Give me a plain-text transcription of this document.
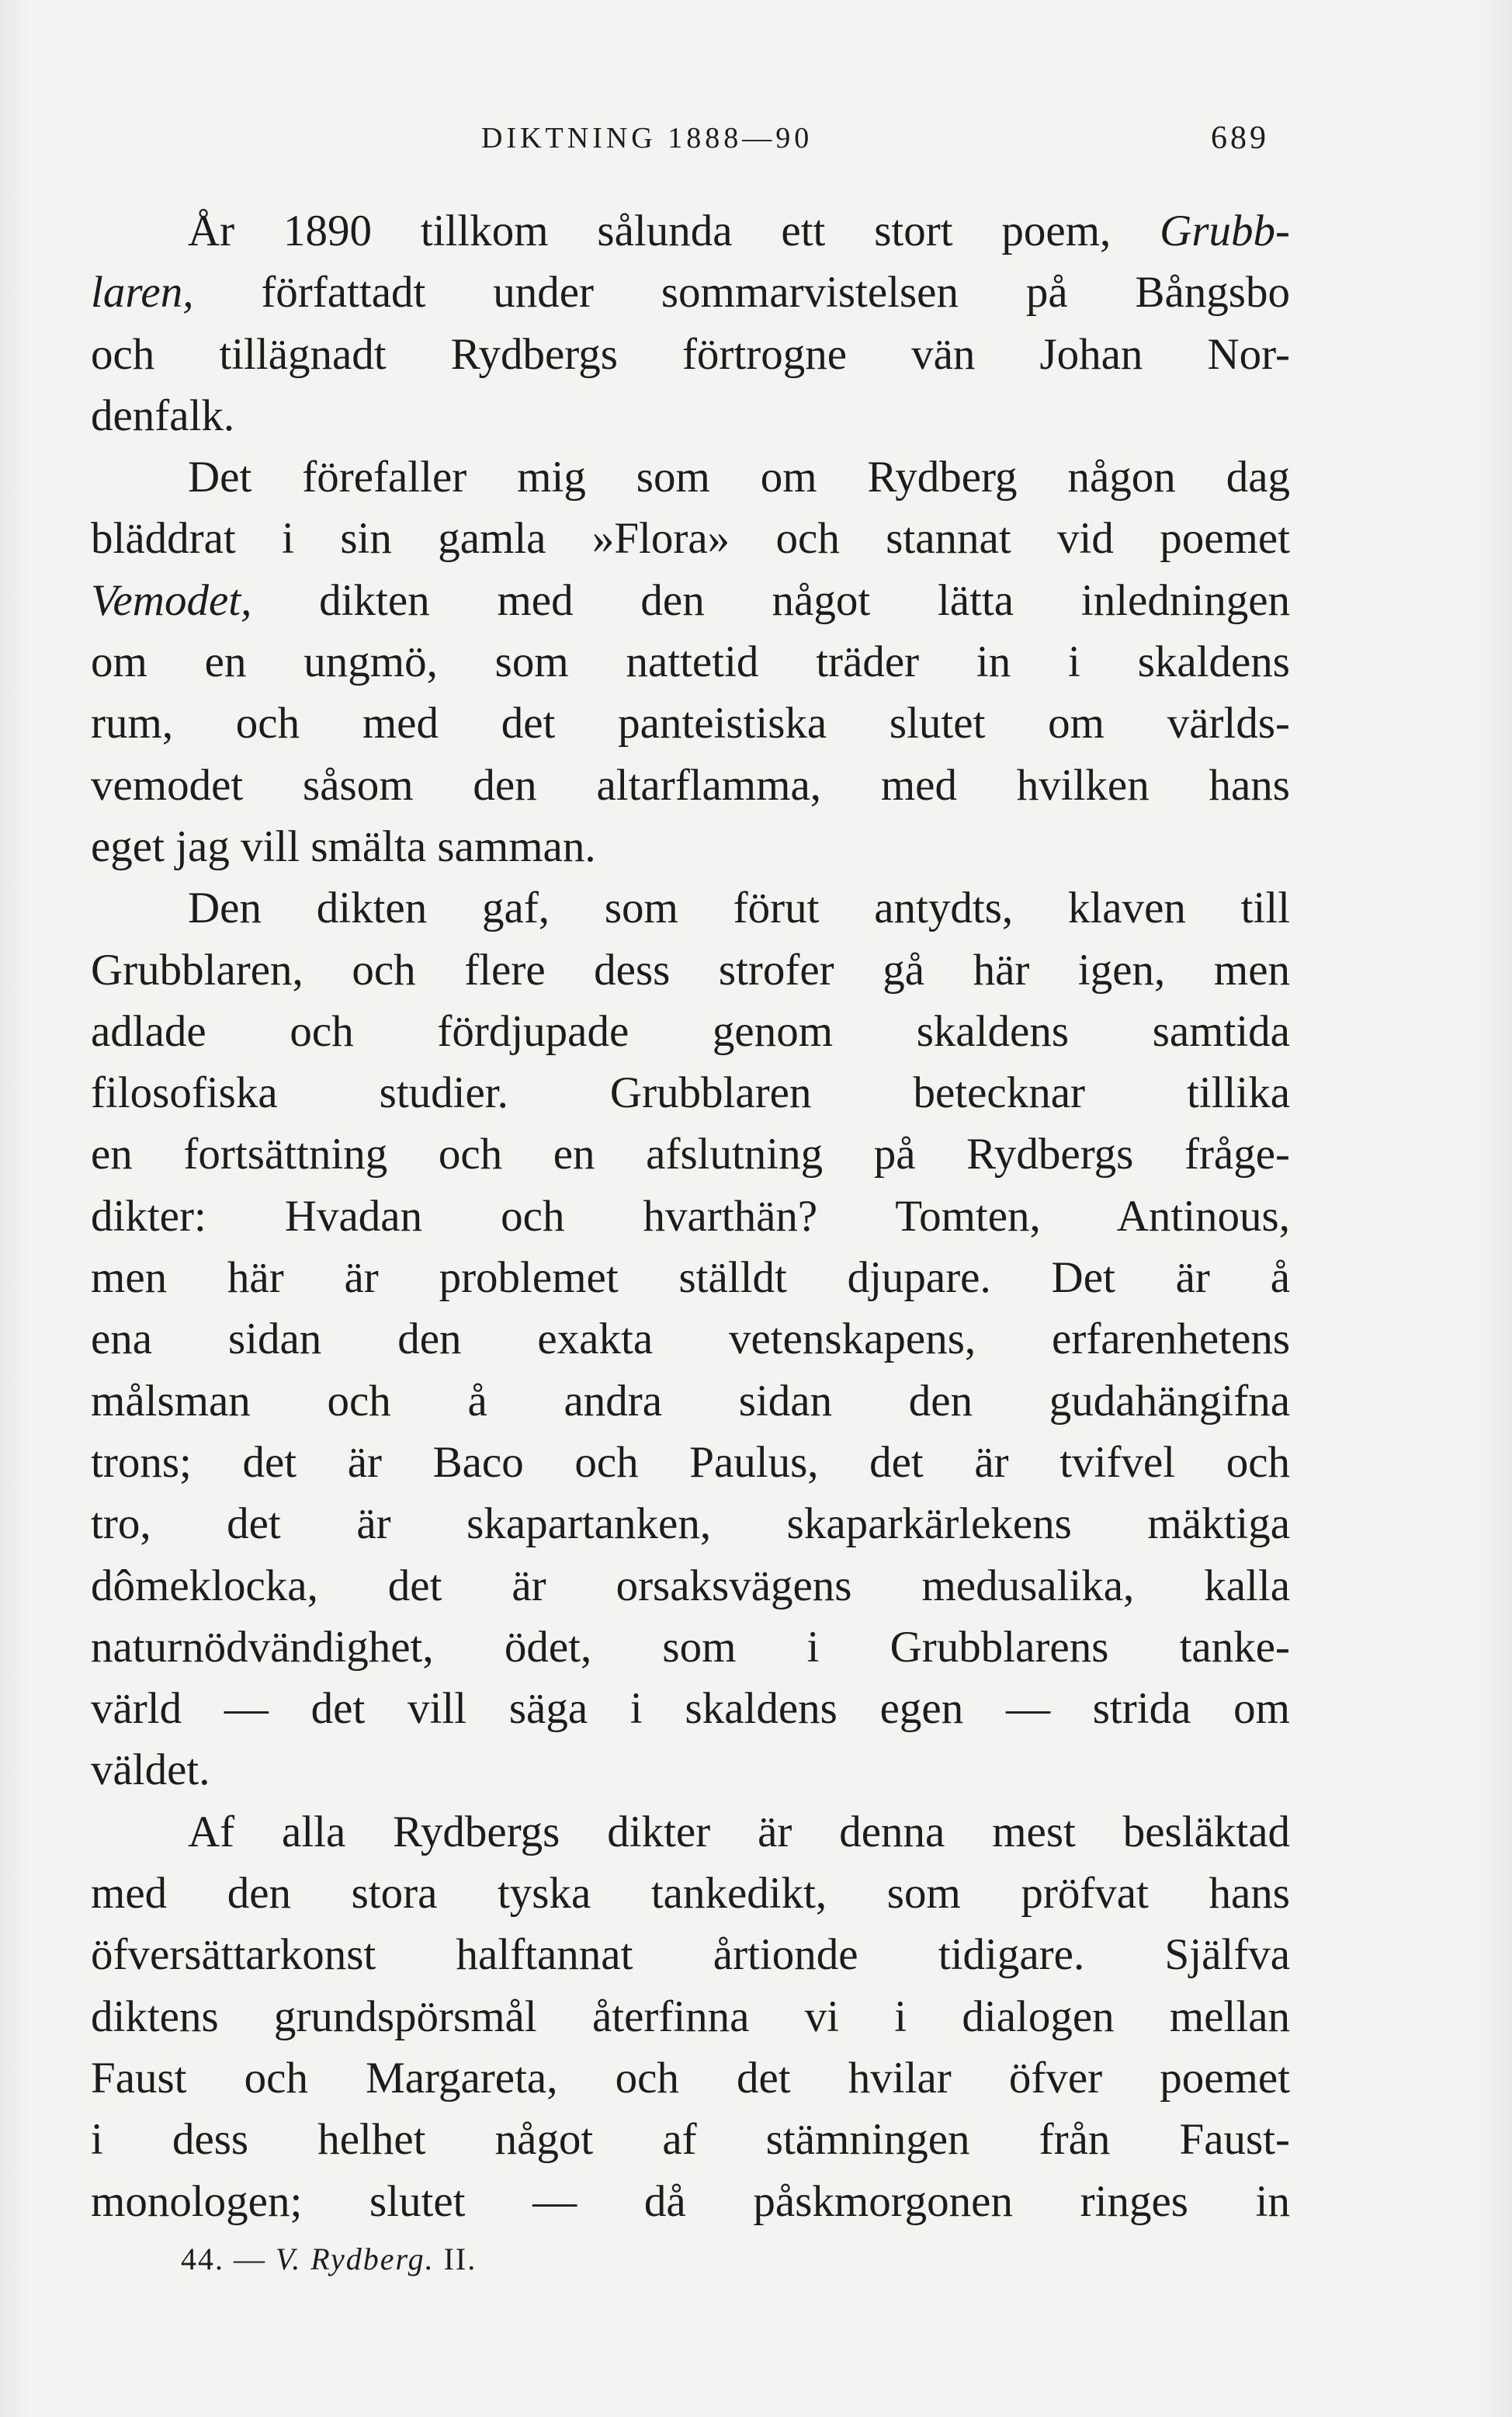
DIKTNING 1888—90	689
År 1890 tillkom sålunda ett stort poem, Grubb-
laren, författadt under sommarvistelsen på Bångsbo
och tillägnadt Rydbergs förtrogne vän Johan Nor-
denfalk.
Det förefaller mig som om Rydberg någon dag
bläddrat i sin gamla »Flora» och stannat vid poemet
Vemodet, dikten med den något lätta inledningen
om en ungmö, som nattetid träder in i skaldens
rum, och med det panteistiska slutet om världs-
vemodet såsom den altarflamma, med hvilken hans
eget jag vill smälta samman.
Den dikten gaf, som förut antydts, klaven till
Grubblaren, och flere dess strofer gå här igen, men
adlade och fördjupade genom skaldens samtida
filosofiska studier. Grubblaren betecknar tillika
en fortsättning och en afslutning på Rydbergs fråge-
dikter: Hvadan och hvarthän? Tomten, Antinous,
men här är problemet ställdt djupare. Det är å
ena sidan den exakta vetenskapens, erfarenhetens
målsman och å andra sidan den gudahängifna
trons; det är Baco och Paulus, det är tvifvel och
tro, det är skapartanken, skaparkärlekens mäktiga
dômeklocka, det är orsaksvägens medusalika, kalla
naturnödvändighet, ödet, som i Grubblarens tanke-
värld — det vill säga i skaldens egen — strida om
väldet.
Af alla Rydbergs dikter är denna mest besläktad
med den stora tyska tankedikt, som pröfvat hans
öfversättarkonst halftannat årtionde tidigare. Själfva
diktens grundspörsmål återfinna vi i dialogen mellan
Faust och Margareta, och det hvilar öfver poemet
i dess helhet något af stämningen från Faust-
monologen; slutet — då påskmorgonen ringes in
44. — V. Rydberg. II.
